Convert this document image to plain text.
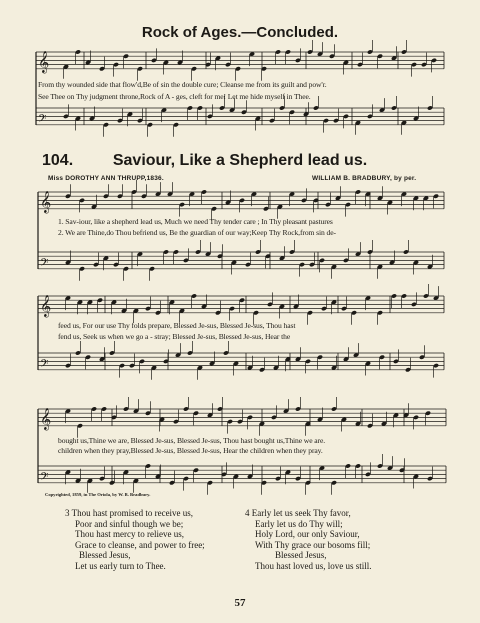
𝄞
𝄢
𝄞
𝄢
𝄞
𝄢
𝄞
𝄢
Rock of Ages.—Concluded.
104.	Saviour, Like a Shepherd lead us.
Miss DOROTHY ANN THRUPP,1836.	WILLIAM B. BRADBURY, by per.
From thy wounded side that flow'd,Be of sin the double cure; Cleanse me from its guilt and pow'r.
See Thee on Thy judgment throne,Rock of A - ges, cleft for me! Let me hide myself in Thee.
1. Sav-iour, like a shepherd lead us, Much we need Thy tender care ; In Thy pleasant pastures
2. We are Thine,do Thou befriend us, Be the guardian of our way;Keep Thy Rock,from sin de-
feed us, For our use Thy folds prepare, Blessed Je-sus, Blessed Je-sus, Thou hast
fend us, Seek us when we go a - stray; Blessed Je-sus, Blessed Je-sus, Hear the
bought us,Thine we are, Blessed Je-sus, Blessed Je-sus, Thou hast bought us,Thine we are.
children when they pray,Blessed Je-sus, Blessed Je-sus, Hear the children when they pray.
Copyrighted, 1859, in The Oriola, by W. B. Bradbury.
3 Thou hast promised to receive us,
Poor and sinful though we be;
Thou hast mercy to relieve us,
Grace to cleanse, and power to free;
Blessed Jesus,
Let us early turn to Thee.
4 Early let us seek Thy favor,
Early let us do Thy will;
Holy Lord, our only Saviour,
With Thy grace our bosoms fill;
Blessed Jesus,
Thou hast loved us, love us still.
57
